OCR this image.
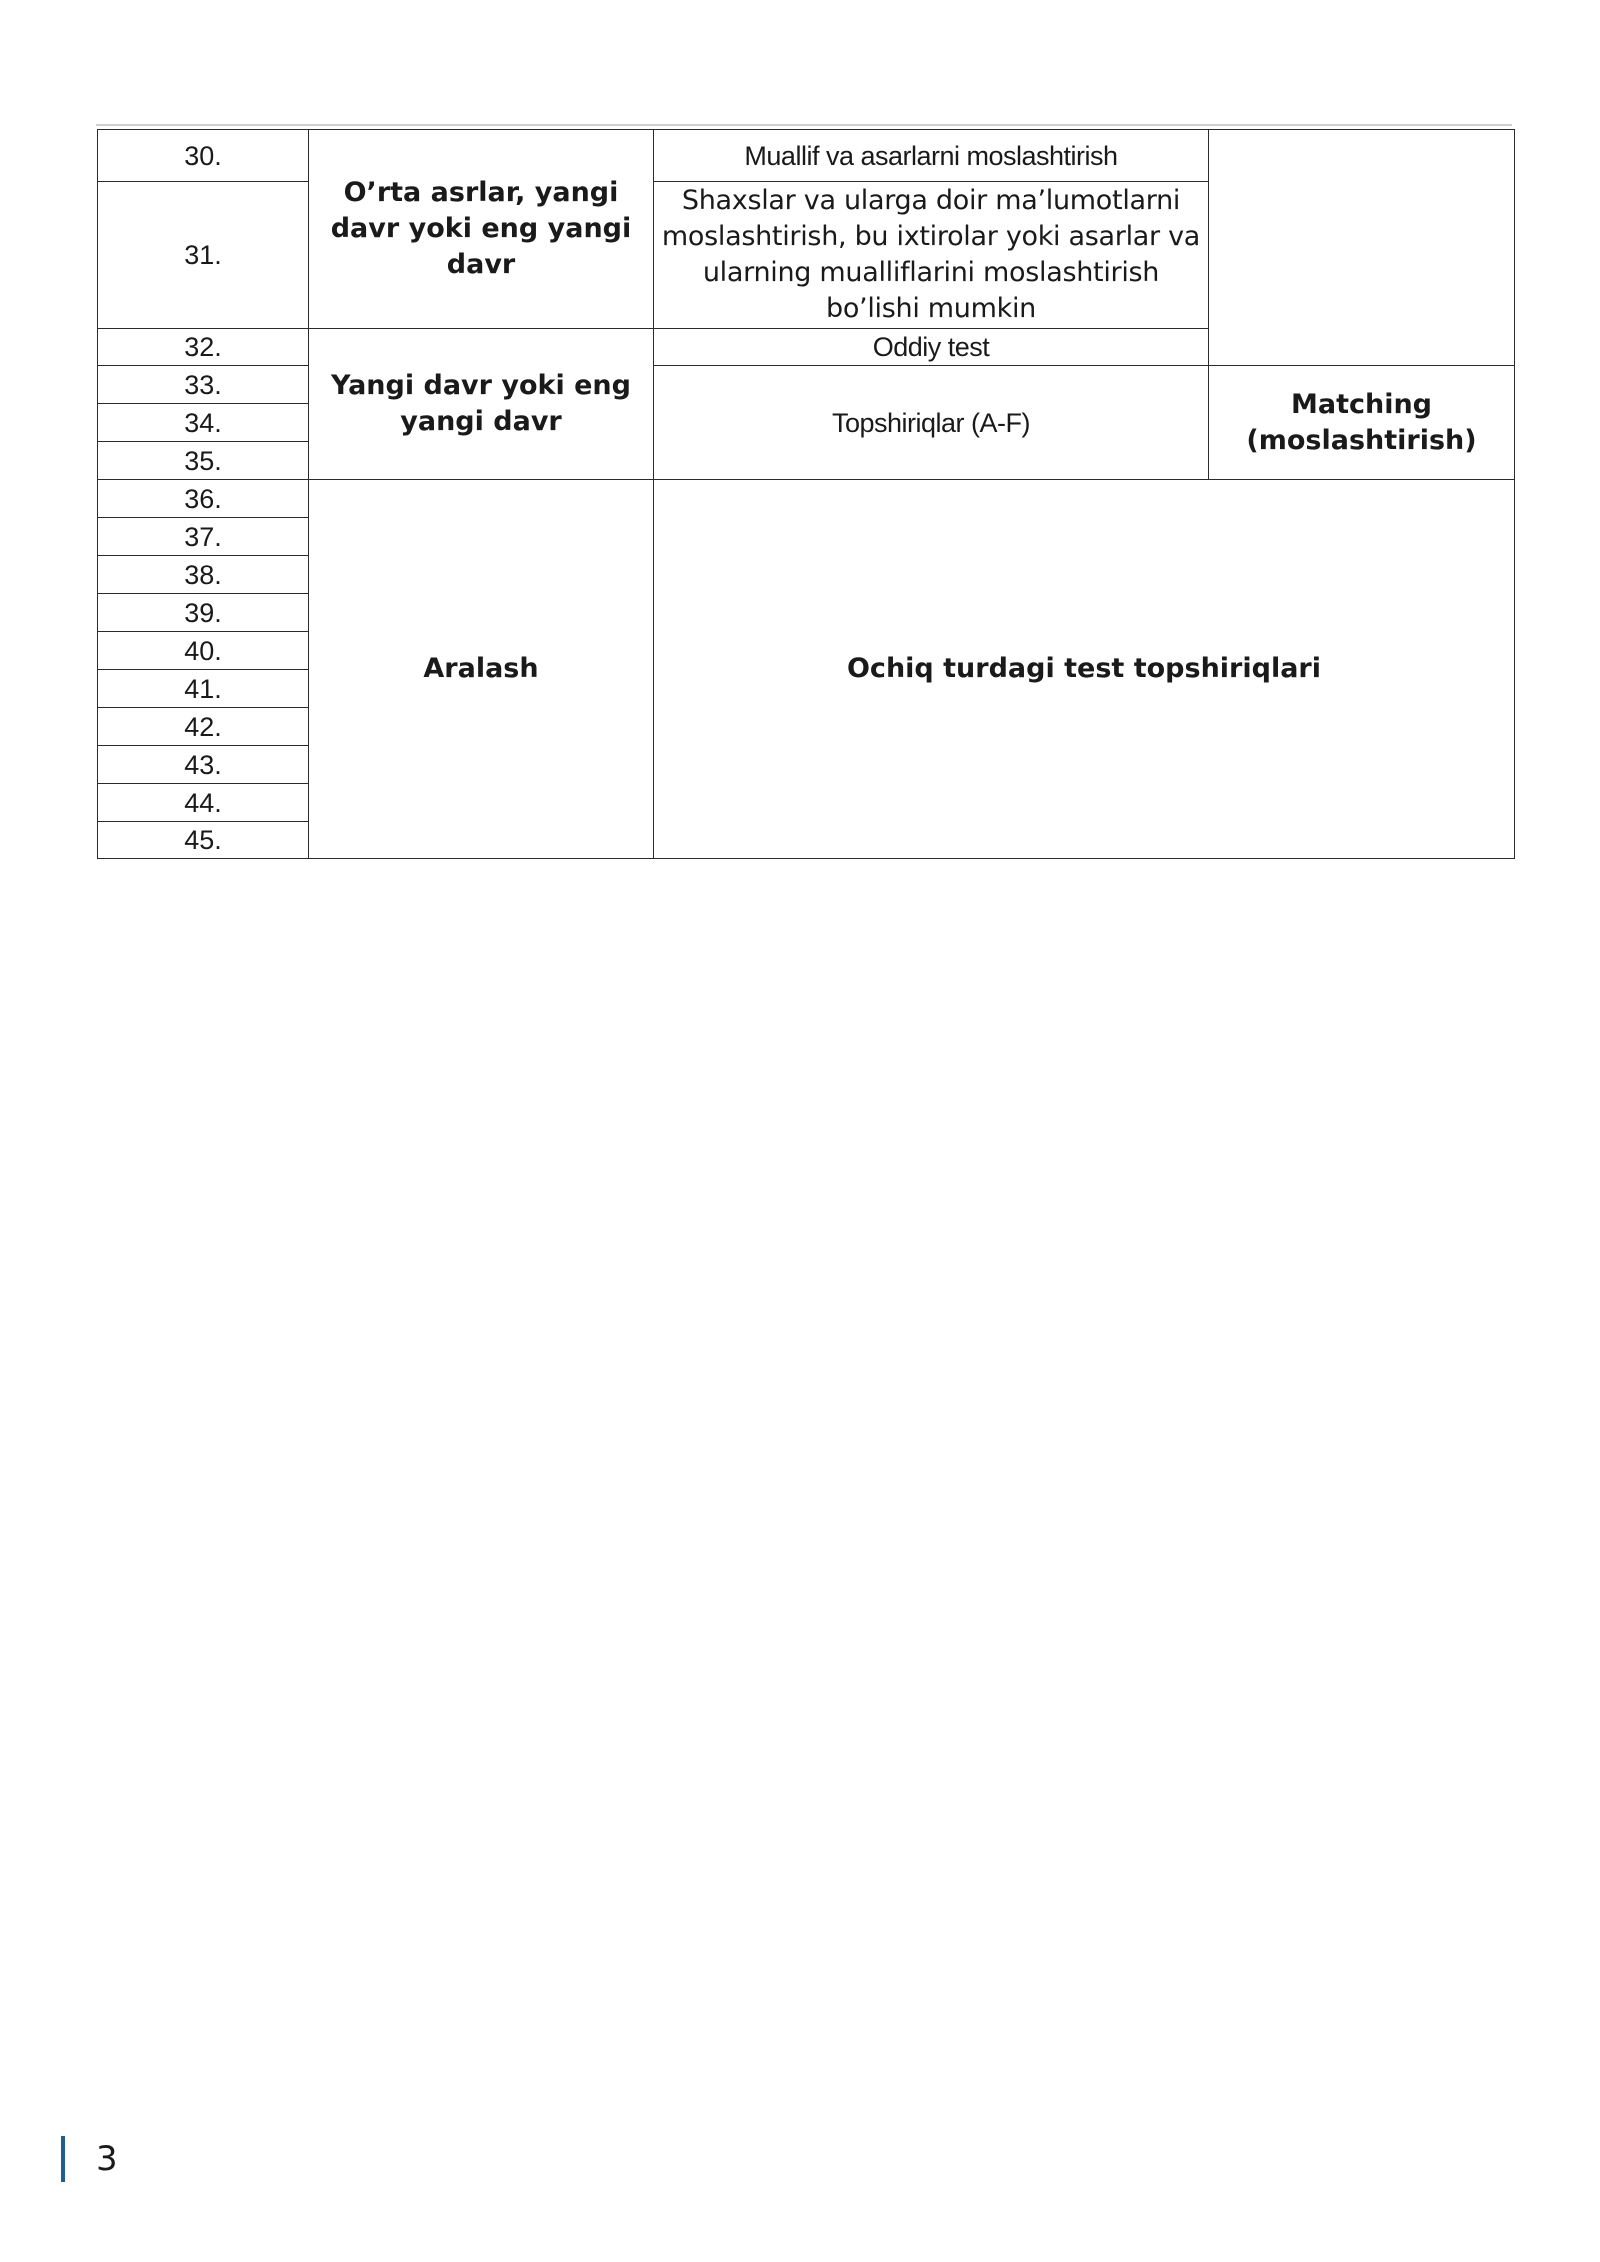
30.	O’rta asrlar, yangi davr yoki eng yangi davr	Muallif va asarlarni moslashtirish	
31.		Shaxslar va ularga doir ma’lumotlarni moslashtirish, bu ixtirolar yoki asarlar va ularning mualliflarini moslashtirish bo’lishi mumkin	
32.	Yangi davr yoki eng yangi davr	Oddiy test	
33.		Topshiriqlar (A-F)	Matching (moslashtirish)
34.			
35.			
36.	Aralash	Ochiq turdagi test topshiriqlari	
37.			
38.			
39.			
40.			
41.			
42.			
43.			
44.			
45.			
3
